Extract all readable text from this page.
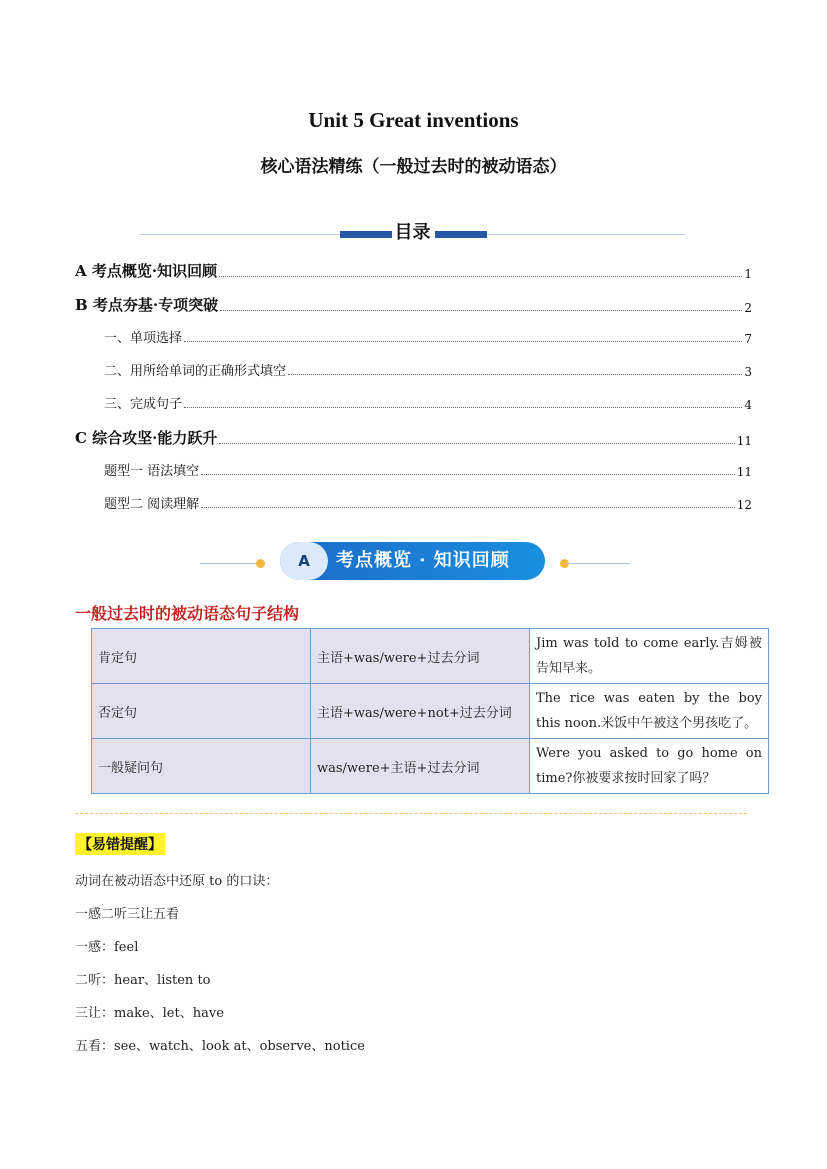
Unit 5 Great inventions
核心语法精练（一般过去时的被动语态）
目录
A 考点概览·知识回顾	1
B 考点夯基·专项突破	2
一、单项选择	7
二、用所给单词的正确形式填空	3
三、完成句子	4
C 综合攻坚·能力跃升	11
题型一 语法填空	11
题型二 阅读理解	12
A	考点概览 · 知识回顾
一般过去时的被动语态句子结构
肯定句	主语+was/were+过去分词	Jim was told to come early.吉姆被告知早来。
否定句	主语+was/were+not+过去分词	The rice was eaten by the boy this noon.米饭中午被这个男孩吃了。
一般疑问句	was/were+主语+过去分词	Were you asked to go home on time?你被要求按时回家了吗？
【易错提醒】
动词在被动语态中还原 to 的口诀：
一感二听三让五看
一感：feel
二听：hear、listen to
三让：make、let、have
五看：see、watch、look at、observe、notice
